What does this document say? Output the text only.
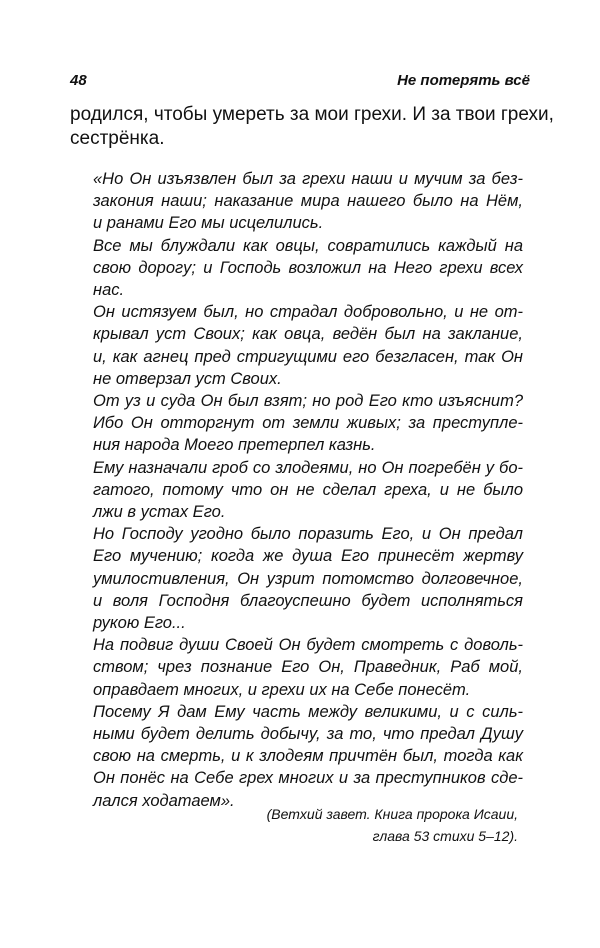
48	Не потерять всё
родился, чтобы умереть за мои грехи. И за твои грехи,
сестрёнка.
«Но Он изъязвлен был за грехи наши и мучим за без-
закония наши; наказание мира нашего было на Нём,
и ранами Его мы исцелились.
Все мы блуждали как овцы, совратились каждый на
свою дорогу; и Господь возложил на Него грехи всех
нас.
Он истязуем был, но страдал добровольно, и не от-
крывал уст Своих; как овца, ведён был на заклание,
и, как агнец пред стригущими его безгласен, так Он
не отверзал уст Своих.
От уз и суда Он был взят; но род Его кто изъяснит?
Ибо Он отторгнут от земли живых; за преступле-
ния народа Моего претерпел казнь.
Ему назначали гроб со злодеями, но Он погребён у бо-
гатого, потому что он не сделал греха, и не было
лжи в устах Его.
Но Господу угодно было поразить Его, и Он предал
Его мучению; когда же душа Его принесёт жертву
умилостивления, Он узрит потомство долговечное,
и воля Господня благоуспешно будет исполняться
рукою Его...
На подвиг души Своей Он будет смотреть с доволь-
ством; чрез познание Его Он, Праведник, Раб мой,
оправдает многих, и грехи их на Себе понесёт.
Посему Я дам Ему часть между великими, и с силь-
ными будет делить добычу, за то, что предал Душу
свою на смерть, и к злодеям причтён был, тогда как
Он понёс на Себе грех многих и за преступников сде-
лался ходатаем».
(Ветхий завет. Книга пророка Исаии,
глава 53 стихи 5–12).
